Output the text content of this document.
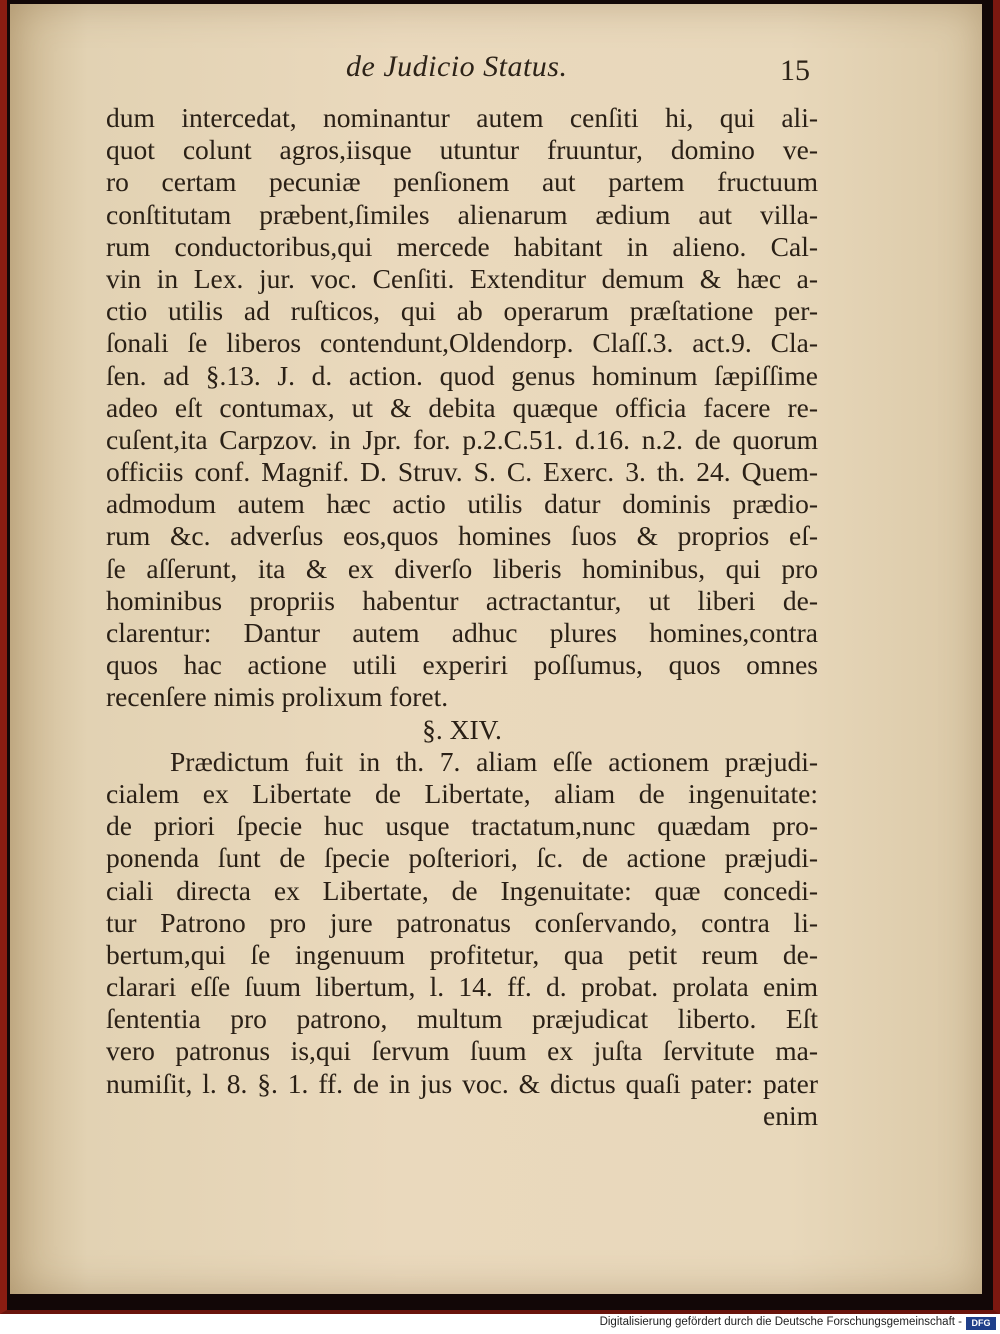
de Judicio Status.	15
dum intercedat, nominantur autem cenſiti hi, qui ali-
quot colunt agros,iisque utuntur fruuntur, domino ve-
ro certam pecuniæ penſionem aut partem fructuum
conſtitutam præbent,ſimiles alienarum ædium aut villa-
rum conductoribus,qui mercede habitant in alieno. Cal-
vin in Lex. jur. voc. Cenſiti. Extenditur demum & hæc a-
ctio utilis ad ruſticos, qui ab operarum præſtatione per-
ſonali ſe liberos contendunt,Oldendorp. Claſſ.3. act.9. Cla-
ſen. ad §.13. J. d. action. quod genus hominum ſæpiſſime
adeo eſt contumax, ut & debita quæque officia facere re-
cuſent,ita Carpzov. in Jpr. for. p.2.C.51. d.16. n.2. de quorum
officiis conf. Magnif. D. Struv. S. C. Exerc. 3. th. 24. Quem-
admodum autem hæc actio utilis datur dominis prædio-
rum &c. adverſus eos,quos homines ſuos & proprios eſ-
ſe aſſerunt, ita & ex diverſo liberis hominibus, qui pro
hominibus propriis habentur actractantur, ut liberi de-
clarentur: Dantur autem adhuc plures homines,contra
quos hac actione utili experiri poſſumus, quos omnes
recenſere nimis prolixum foret.
§. XIV.
Prædictum fuit in th. 7. aliam eſſe actionem præjudi-
cialem ex Libertate de Libertate, aliam de ingenuitate:
de priori ſpecie huc usque tractatum,nunc quædam pro-
ponenda ſunt de ſpecie poſteriori, ſc. de actione præjudi-
ciali directa ex Libertate, de Ingenuitate: quæ concedi-
tur Patrono pro jure patronatus conſervando, contra li-
bertum,qui ſe ingenuum profitetur, qua petit reum de-
clarari eſſe ſuum libertum, l. 14. ff. d. probat. prolata enim
ſententia pro patrono, multum præjudicat liberto. Eſt
vero patronus is,qui ſervum ſuum ex juſta ſervitute ma-
numiſit, l. 8. §. 1. ff. de in jus voc. & dictus quaſi pater: pater
enim
Digitalisierung gefördert durch die Deutsche Forschungsgemeinschaft -	DFG
